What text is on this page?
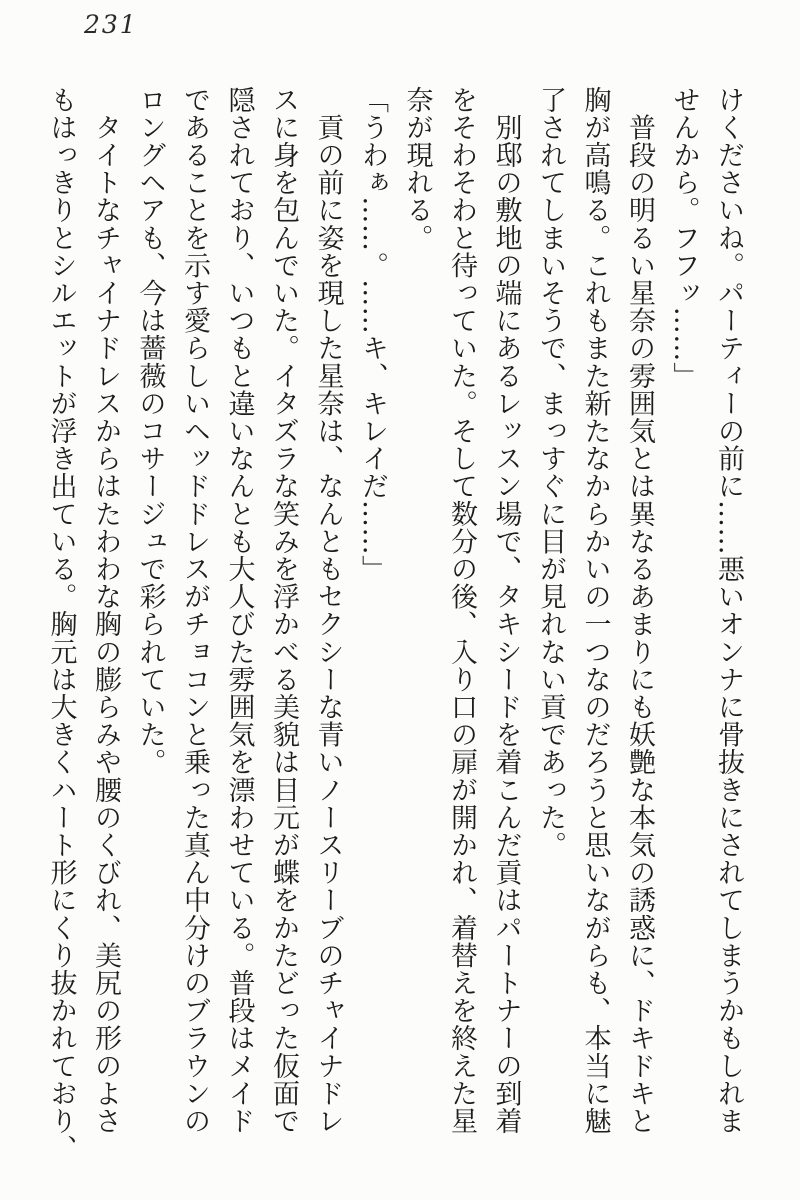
231
けくださいね。パーティーの前に……悪いオンナに骨抜きにされてしまうかもしれま
せんから。フフッ……」
　普段の明るい星奈の雰囲気とは異なるあまりにも妖艶な本気の誘惑に、ドキドキと
胸が高鳴る。これもまた新たなからかいの一つなのだろうと思いながらも、本当に魅
了されてしまいそうで、まっすぐに目が見れない貢であった。
　別邸の敷地の端にあるレッスン場で、タキシードを着こんだ貢はパートナーの到着
をそわそわと待っていた。そして数分の後、入り口の扉が開かれ、着替えを終えた星
奈が現れる。
「うわぁ……。……キ、キレイだ……」
　貢の前に姿を現した星奈は、なんともセクシーな青いノースリーブのチャイナドレ
スに身を包んでいた。イタズラな笑みを浮かべる美貌は目元が蝶をかたどった仮面で
隠されており、いつもと違いなんとも大人びた雰囲気を漂わせている。普段はメイド
であることを示す愛らしいヘッドドレスがチョコンと乗った真ん中分けのブラウンの
ロングヘアも、今は薔薇のコサージュで彩られていた。
　タイトなチャイナドレスからはたわわな胸の膨らみや腰のくびれ、美尻の形のよさ
もはっきりとシルエットが浮き出ている。胸元は大きくハート形にくり抜かれており、
